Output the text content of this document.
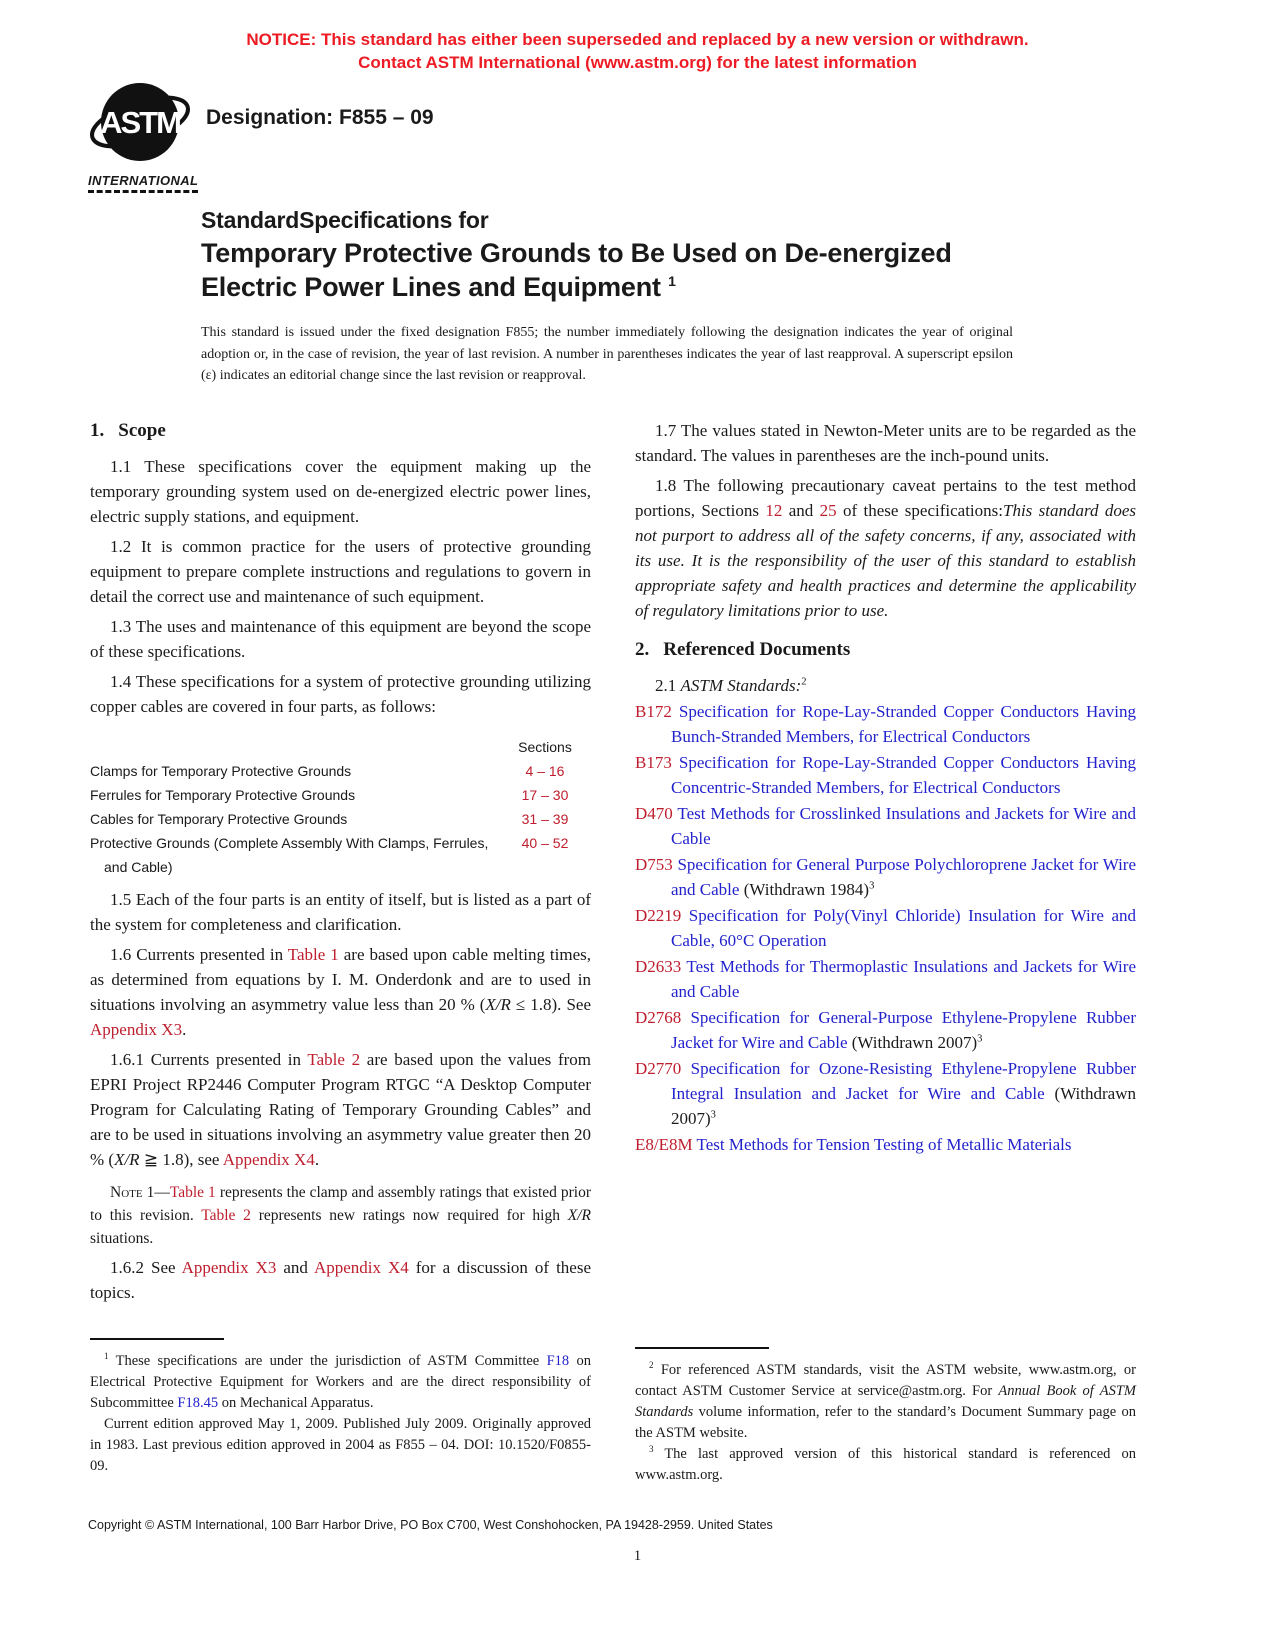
NOTICE: This standard has either been superseded and replaced by a new version or withdrawn.
Contact ASTM International (www.astm.org) for the latest information
ASTM
INTERNATIONAL
Designation: F855 – 09
StandardSpecifications for
Temporary Protective Grounds to Be Used on De-energized
Electric Power Lines and Equipment $^1$
This standard is issued under the fixed designation F855; the number immediately following the designation indicates the year of original adoption or, in the case of revision, the year of last revision. A number in parentheses indicates the year of last reapproval. A superscript epsilon (ε) indicates an editorial change since the last revision or reapproval.
1. Scope

1.1 These specifications cover the equipment making up the temporary grounding system used on de-energized electric power lines, electric supply stations, and equipment.

1.2 It is common practice for the users of protective grounding equipment to prepare complete instructions and regulations to govern in detail the correct use and maintenance of such equipment.

1.3 The uses and maintenance of this equipment are beyond the scope of these specifications.

1.4 These specifications for a system of protective grounding utilizing copper cables are covered in four parts, as follows:

Sections
Clamps for Temporary Protective Grounds	4 – 16
Ferrules for Temporary Protective Grounds	17 – 30
Cables for Temporary Protective Grounds	31 – 39
Protective Grounds (Complete Assembly With Clamps, Ferrules,	40 – 52
and Cable)

1.5 Each of the four parts is an entity of itself, but is listed as a part of the system for completeness and clarification.

1.6 Currents presented in Table 1 are based upon cable melting times, as determined from equations by I. M. Onderdonk and are to used in situations involving an asymmetry value less than 20 % (X/R ≤ 1.8). See Appendix X3.

1.6.1 Currents presented in Table 2 are based upon the values from EPRI Project RP2446 Computer Program RTGC “A Desktop Computer Program for Calculating Rating of Temporary Grounding Cables” and are to be used in situations involving an asymmetry value greater then 20 % (X/R ≧ 1.8), see Appendix X4.

Note 1—Table 1 represents the clamp and assembly ratings that existed prior to this revision. Table 2 represents new ratings now required for high X/R situations.

1.6.2 See Appendix X3 and Appendix X4 for a discussion of these topics.

$^1$ These specifications are under the jurisdiction of ASTM Committee F18 on Electrical Protective Equipment for Workers and are the direct responsibility of Subcommittee F18.45 on Mechanical Apparatus.

Current edition approved May 1, 2009. Published July 2009. Originally approved in 1983. Last previous edition approved in 2004 as F855 – 04. DOI: 10.1520/F0855-09.

1.7 The values stated in Newton-Meter units are to be regarded as the standard. The values in parentheses are the inch-pound units.

1.8 The following precautionary caveat pertains to the test method portions, Sections 12 and 25 of these specifications:This standard does not purport to address all of the safety concerns, if any, associated with its use. It is the responsibility of the user of this standard to establish appropriate safety and health practices and determine the applicability of regulatory limitations prior to use.

2. Referenced Documents

2.1 ASTM Standards:$^2$

B172 Specification for Rope-Lay-Stranded Copper Conductors Having Bunch-Stranded Members, for Electrical Conductors

B173 Specification for Rope-Lay-Stranded Copper Conductors Having Concentric-Stranded Members, for Electrical Conductors

D470 Test Methods for Crosslinked Insulations and Jackets for Wire and Cable

D753 Specification for General Purpose Polychloroprene Jacket for Wire and Cable (Withdrawn 1984)$^3$

D2219 Specification for Poly(Vinyl Chloride) Insulation for Wire and Cable, 60°C Operation

D2633 Test Methods for Thermoplastic Insulations and Jackets for Wire and Cable

D2768 Specification for General-Purpose Ethylene-Propylene Rubber Jacket for Wire and Cable (Withdrawn 2007)$^3$

D2770 Specification for Ozone-Resisting Ethylene-Propylene Rubber Integral Insulation and Jacket for Wire and Cable (Withdrawn 2007)$^3$

E8/E8M Test Methods for Tension Testing of Metallic Materials

$^2$ For referenced ASTM standards, visit the ASTM website, www.astm.org, or contact ASTM Customer Service at service@astm.org. For Annual Book of ASTM Standards volume information, refer to the standard’s Document Summary page on the ASTM website.

$^3$ The last approved version of this historical standard is referenced on www.astm.org.

Copyright © ASTM International, 100 Barr Harbor Drive, PO Box C700, West Conshohocken, PA 19428-2959. United States
1
